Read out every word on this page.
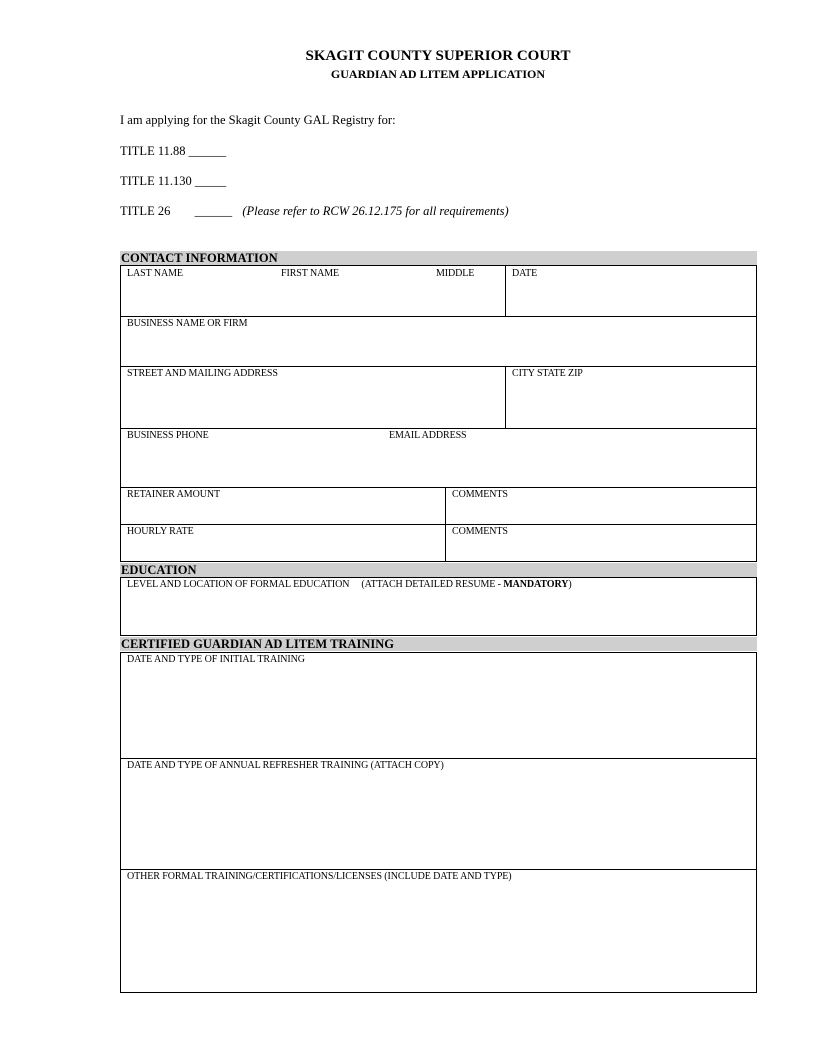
SKAGIT COUNTY SUPERIOR COURT
GUARDIAN AD LITEM APPLICATION
I am applying for the Skagit County GAL Registry for:
TITLE 11.88 ______
TITLE 11.130 _____
TITLE 26 ______ (Please refer to RCW 26.12.175 for all requirements)
CONTACT INFORMATION
LAST NAME	FIRST NAME	MIDDLE	DATE
BUSINESS NAME OR FIRM
STREET AND MAILING ADDRESS	CITY STATE ZIP
BUSINESS PHONE	EMAIL ADDRESS
RETAINER AMOUNT	COMMENTS
HOURLY RATE	COMMENTS
EDUCATION
LEVEL AND LOCATION OF FORMAL EDUCATION (ATTACH DETAILED RESUME - MANDATORY)
CERTIFIED GUARDIAN AD LITEM TRAINING
DATE AND TYPE OF INITIAL TRAINING
DATE AND TYPE OF ANNUAL REFRESHER TRAINING (ATTACH COPY)
OTHER FORMAL TRAINING/CERTIFICATIONS/LICENSES (INCLUDE DATE AND TYPE)
